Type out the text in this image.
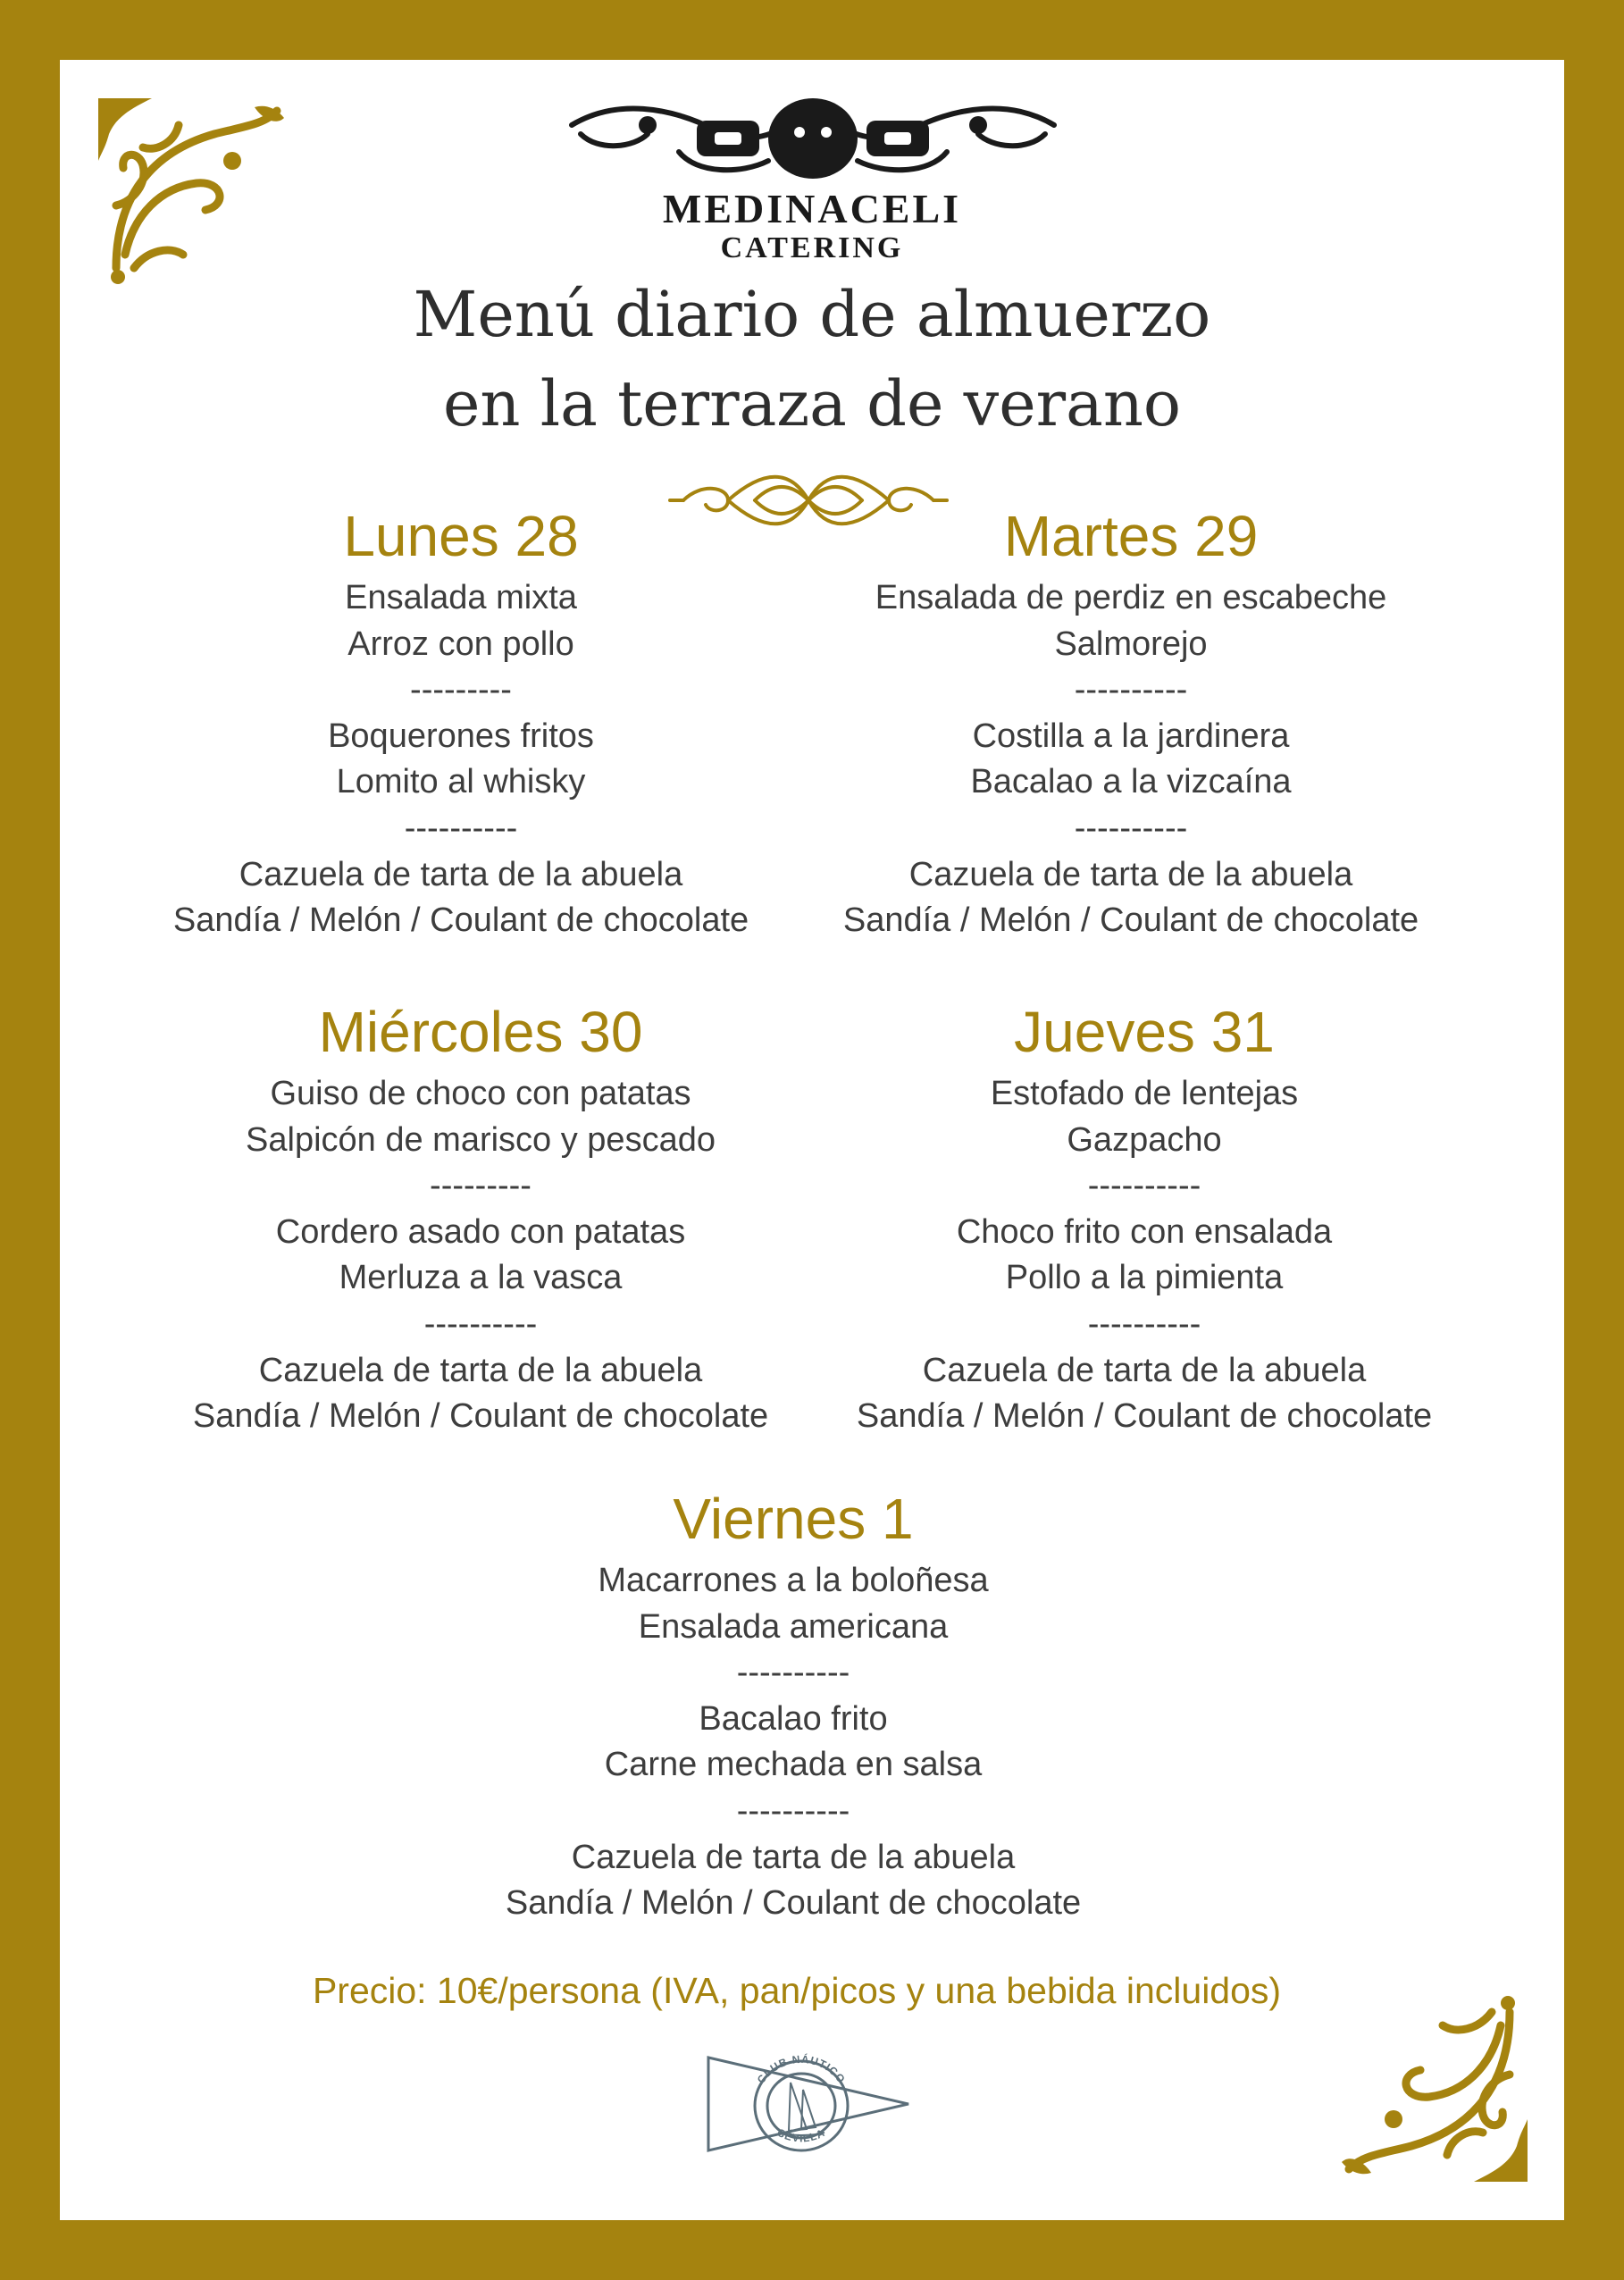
MEDINACELI
CATERING
Menú diario de almuerzo
en la terraza de verano
Lunes 28
Ensalada mixta
Arroz con pollo
---------
Boquerones fritos
Lomito al whisky
----------
Cazuela de tarta de la abuela
Sandía / Melón / Coulant de chocolate
Martes 29
Ensalada de perdiz en escabeche
Salmorejo
----------
Costilla a la jardinera
Bacalao a la vizcaína
----------
Cazuela de tarta de la abuela
Sandía / Melón / Coulant de chocolate
Miércoles 30
Guiso de choco con patatas
Salpicón de marisco y pescado
---------
Cordero asado con patatas
Merluza a la vasca
----------
Cazuela de tarta de la abuela
Sandía / Melón / Coulant de chocolate
Jueves 31
Estofado de lentejas
Gazpacho
----------
Choco frito con ensalada
Pollo a la pimienta
----------
Cazuela de tarta de la abuela
Sandía / Melón / Coulant de chocolate
Viernes 1
Macarrones a la boloñesa
Ensalada americana
----------
Bacalao frito
Carne mechada en salsa
----------
Cazuela de tarta de la abuela
Sandía / Melón / Coulant de chocolate
Precio: 10€/persona (IVA, pan/picos y una bebida incluidos)
CLUB NÁUTICO
SEVILLA
